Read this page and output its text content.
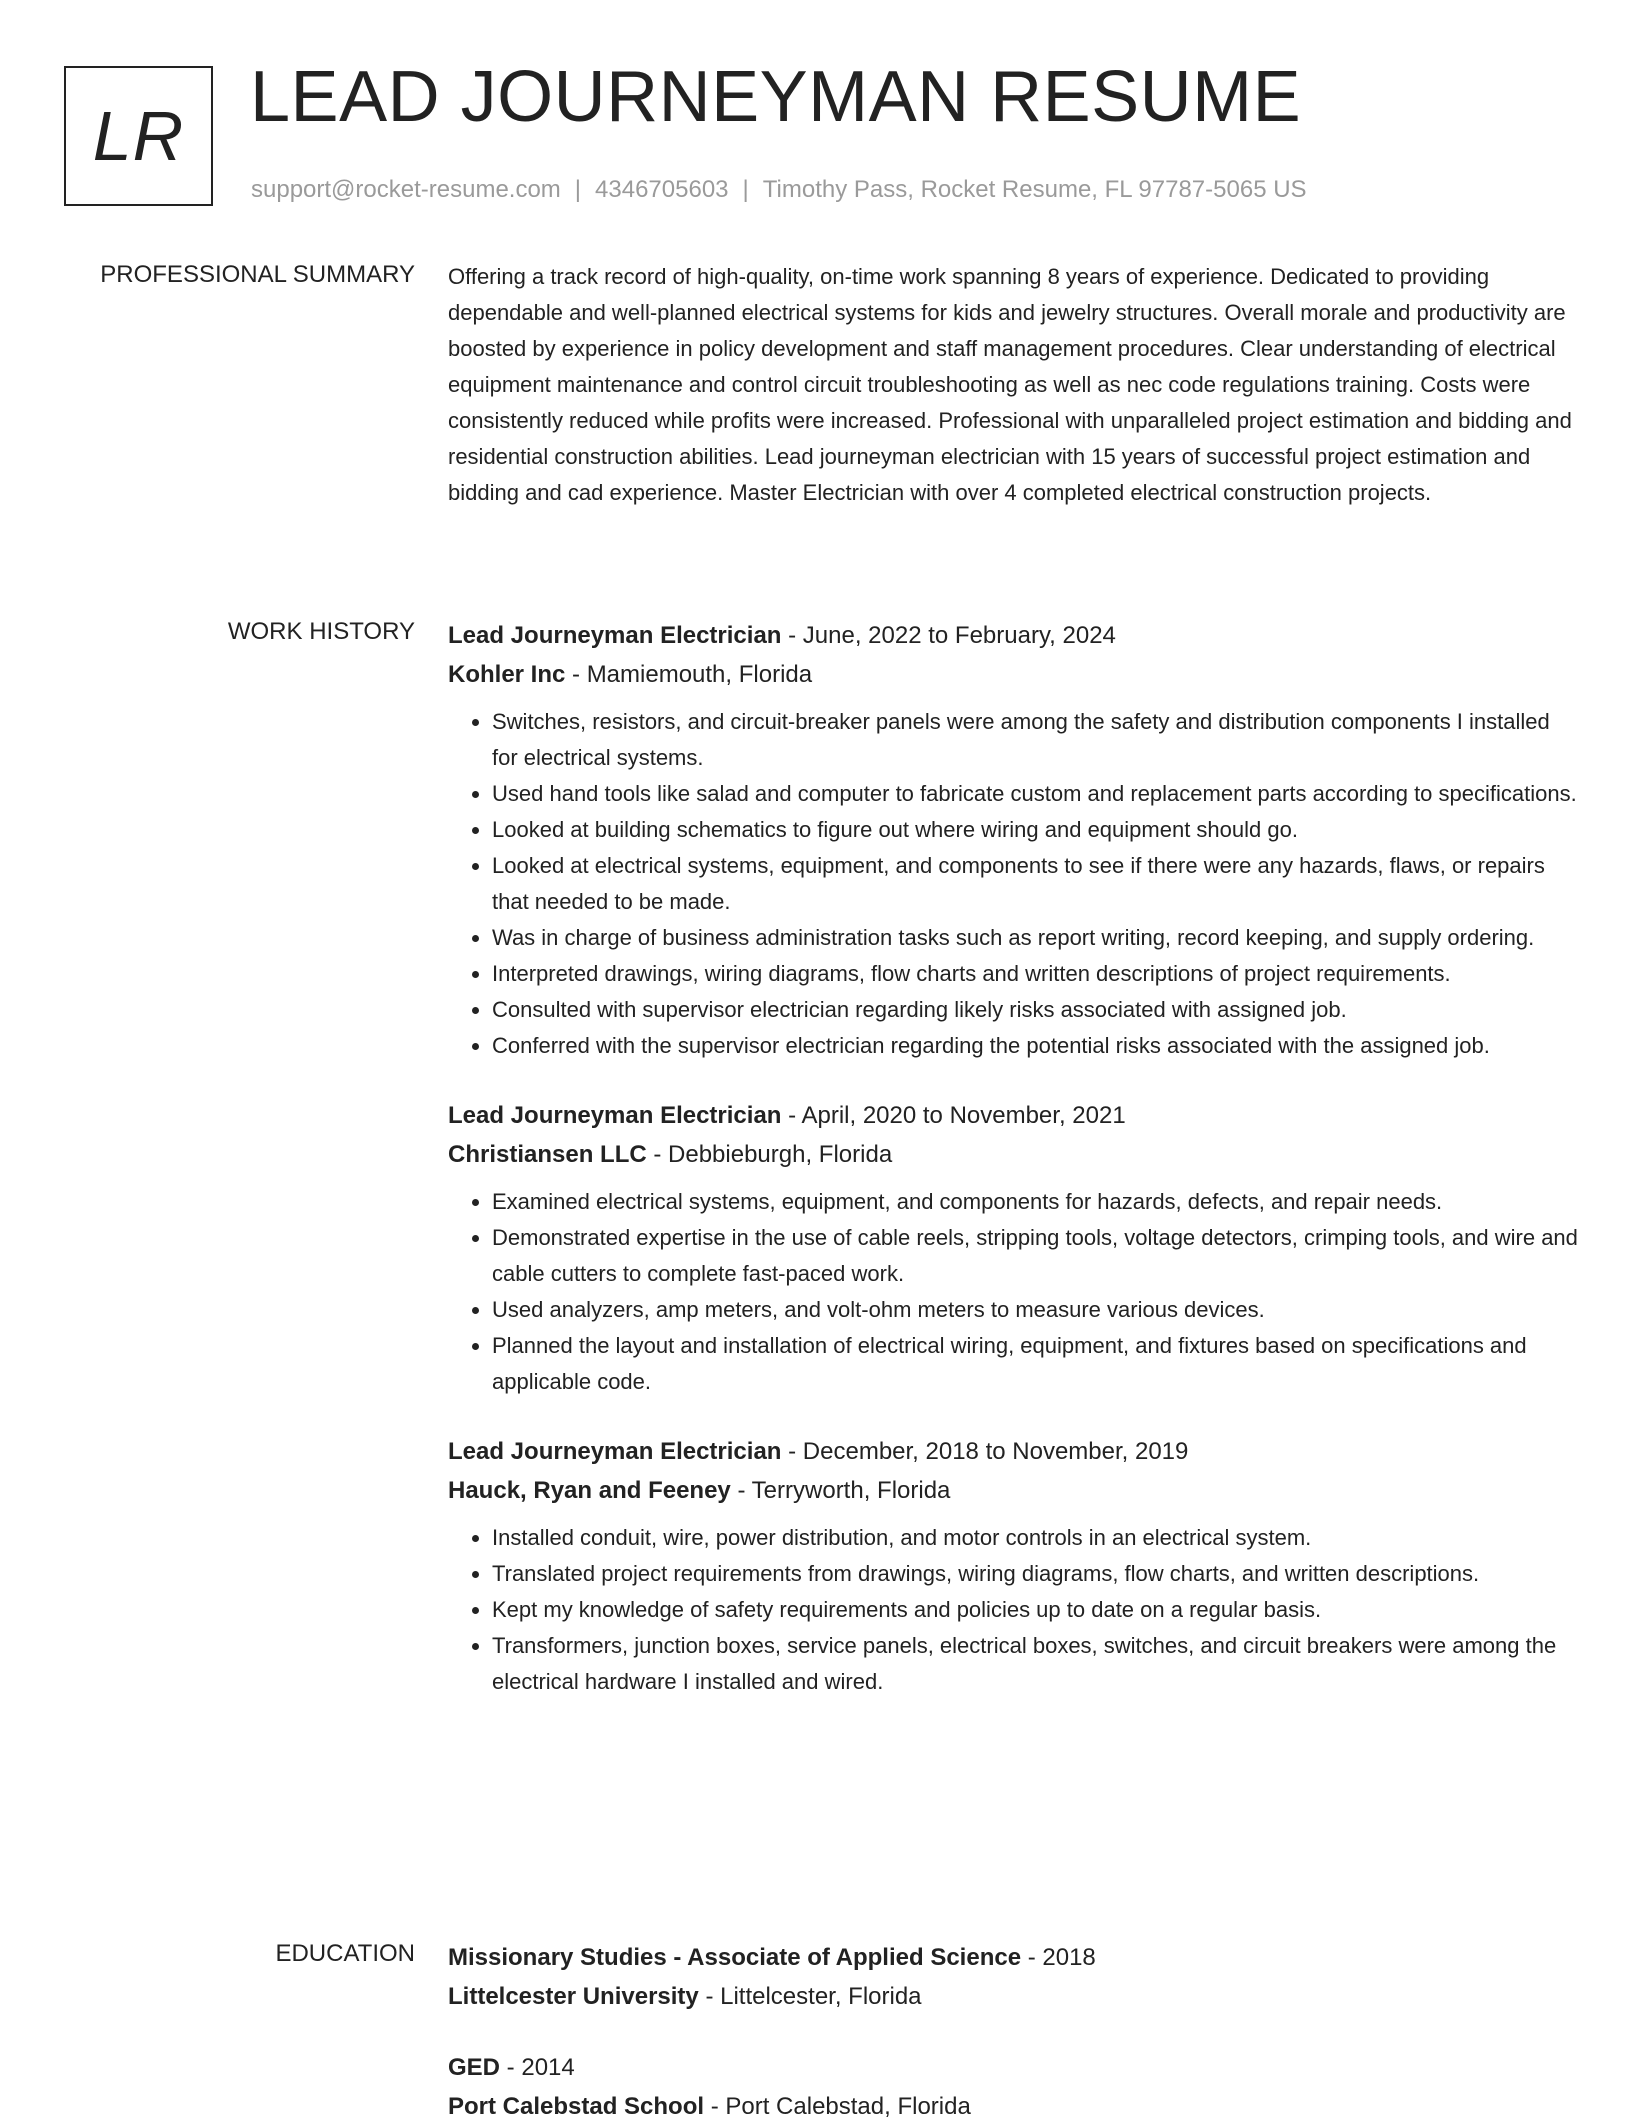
LR LEAD JOURNEYMAN RESUME
support@rocket-resume.com | 4346705603 | Timothy Pass, Rocket Resume, FL 97787-5065 US
PROFESSIONAL SUMMARY Offering a track record of high-quality, on-time work spanning 8 years of experience. Dedicated to providing dependable and well-planned electrical systems for kids and jewelry structures. Overall morale and productivity are boosted by experience in policy development and staff management procedures. Clear understanding of electrical equipment maintenance and control circuit troubleshooting as well as nec code regulations training. Costs were consistently reduced while profits were increased. Professional with unparalleled project estimation and bidding and residential construction abilities. Lead journeyman electrician with 15 years of successful project estimation and bidding and cad experience. Master Electrician with over 4 completed electrical construction projects.

WORK HISTORY Lead Journeyman Electrician - June, 2022 to February, 2024
Kohler Inc - Mamiemouth, Florida
• Switches, resistors, and circuit-breaker panels were among the safety and distribution components I installed for electrical systems.
• Used hand tools like salad and computer to fabricate custom and replacement parts according to specifications.
• Looked at building schematics to figure out where wiring and equipment should go.
• Looked at electrical systems, equipment, and components to see if there were any hazards, flaws, or repairs that needed to be made.
• Was in charge of business administration tasks such as report writing, record keeping, and supply ordering.
• Interpreted drawings, wiring diagrams, flow charts and written descriptions of project requirements.
• Consulted with supervisor electrician regarding likely risks associated with assigned job.
• Conferred with the supervisor electrician regarding the potential risks associated with the assigned job.
Lead Journeyman Electrician - April, 2020 to November, 2021
Christiansen LLC - Debbieburgh, Florida
• Examined electrical systems, equipment, and components for hazards, defects, and repair needs.
• Demonstrated expertise in the use of cable reels, stripping tools, voltage detectors, crimping tools, and wire and cable cutters to complete fast-paced work.
• Used analyzers, amp meters, and volt-ohm meters to measure various devices.
• Planned the layout and installation of electrical wiring, equipment, and fixtures based on specifications and applicable code.
Lead Journeyman Electrician - December, 2018 to November, 2019
Hauck, Ryan and Feeney - Terryworth, Florida
• Installed conduit, wire, power distribution, and motor controls in an electrical system.
• Translated project requirements from drawings, wiring diagrams, flow charts, and written descriptions.
• Kept my knowledge of safety requirements and policies up to date on a regular basis.
• Transformers, junction boxes, service panels, electrical boxes, switches, and circuit breakers were among the electrical hardware I installed and wired.
EDUCATION Missionary Studies - Associate of Applied Science - 2018
Littelcester University - Littelcester, Florida
GED - 2014
Port Calebstad School - Port Calebstad, Florida
